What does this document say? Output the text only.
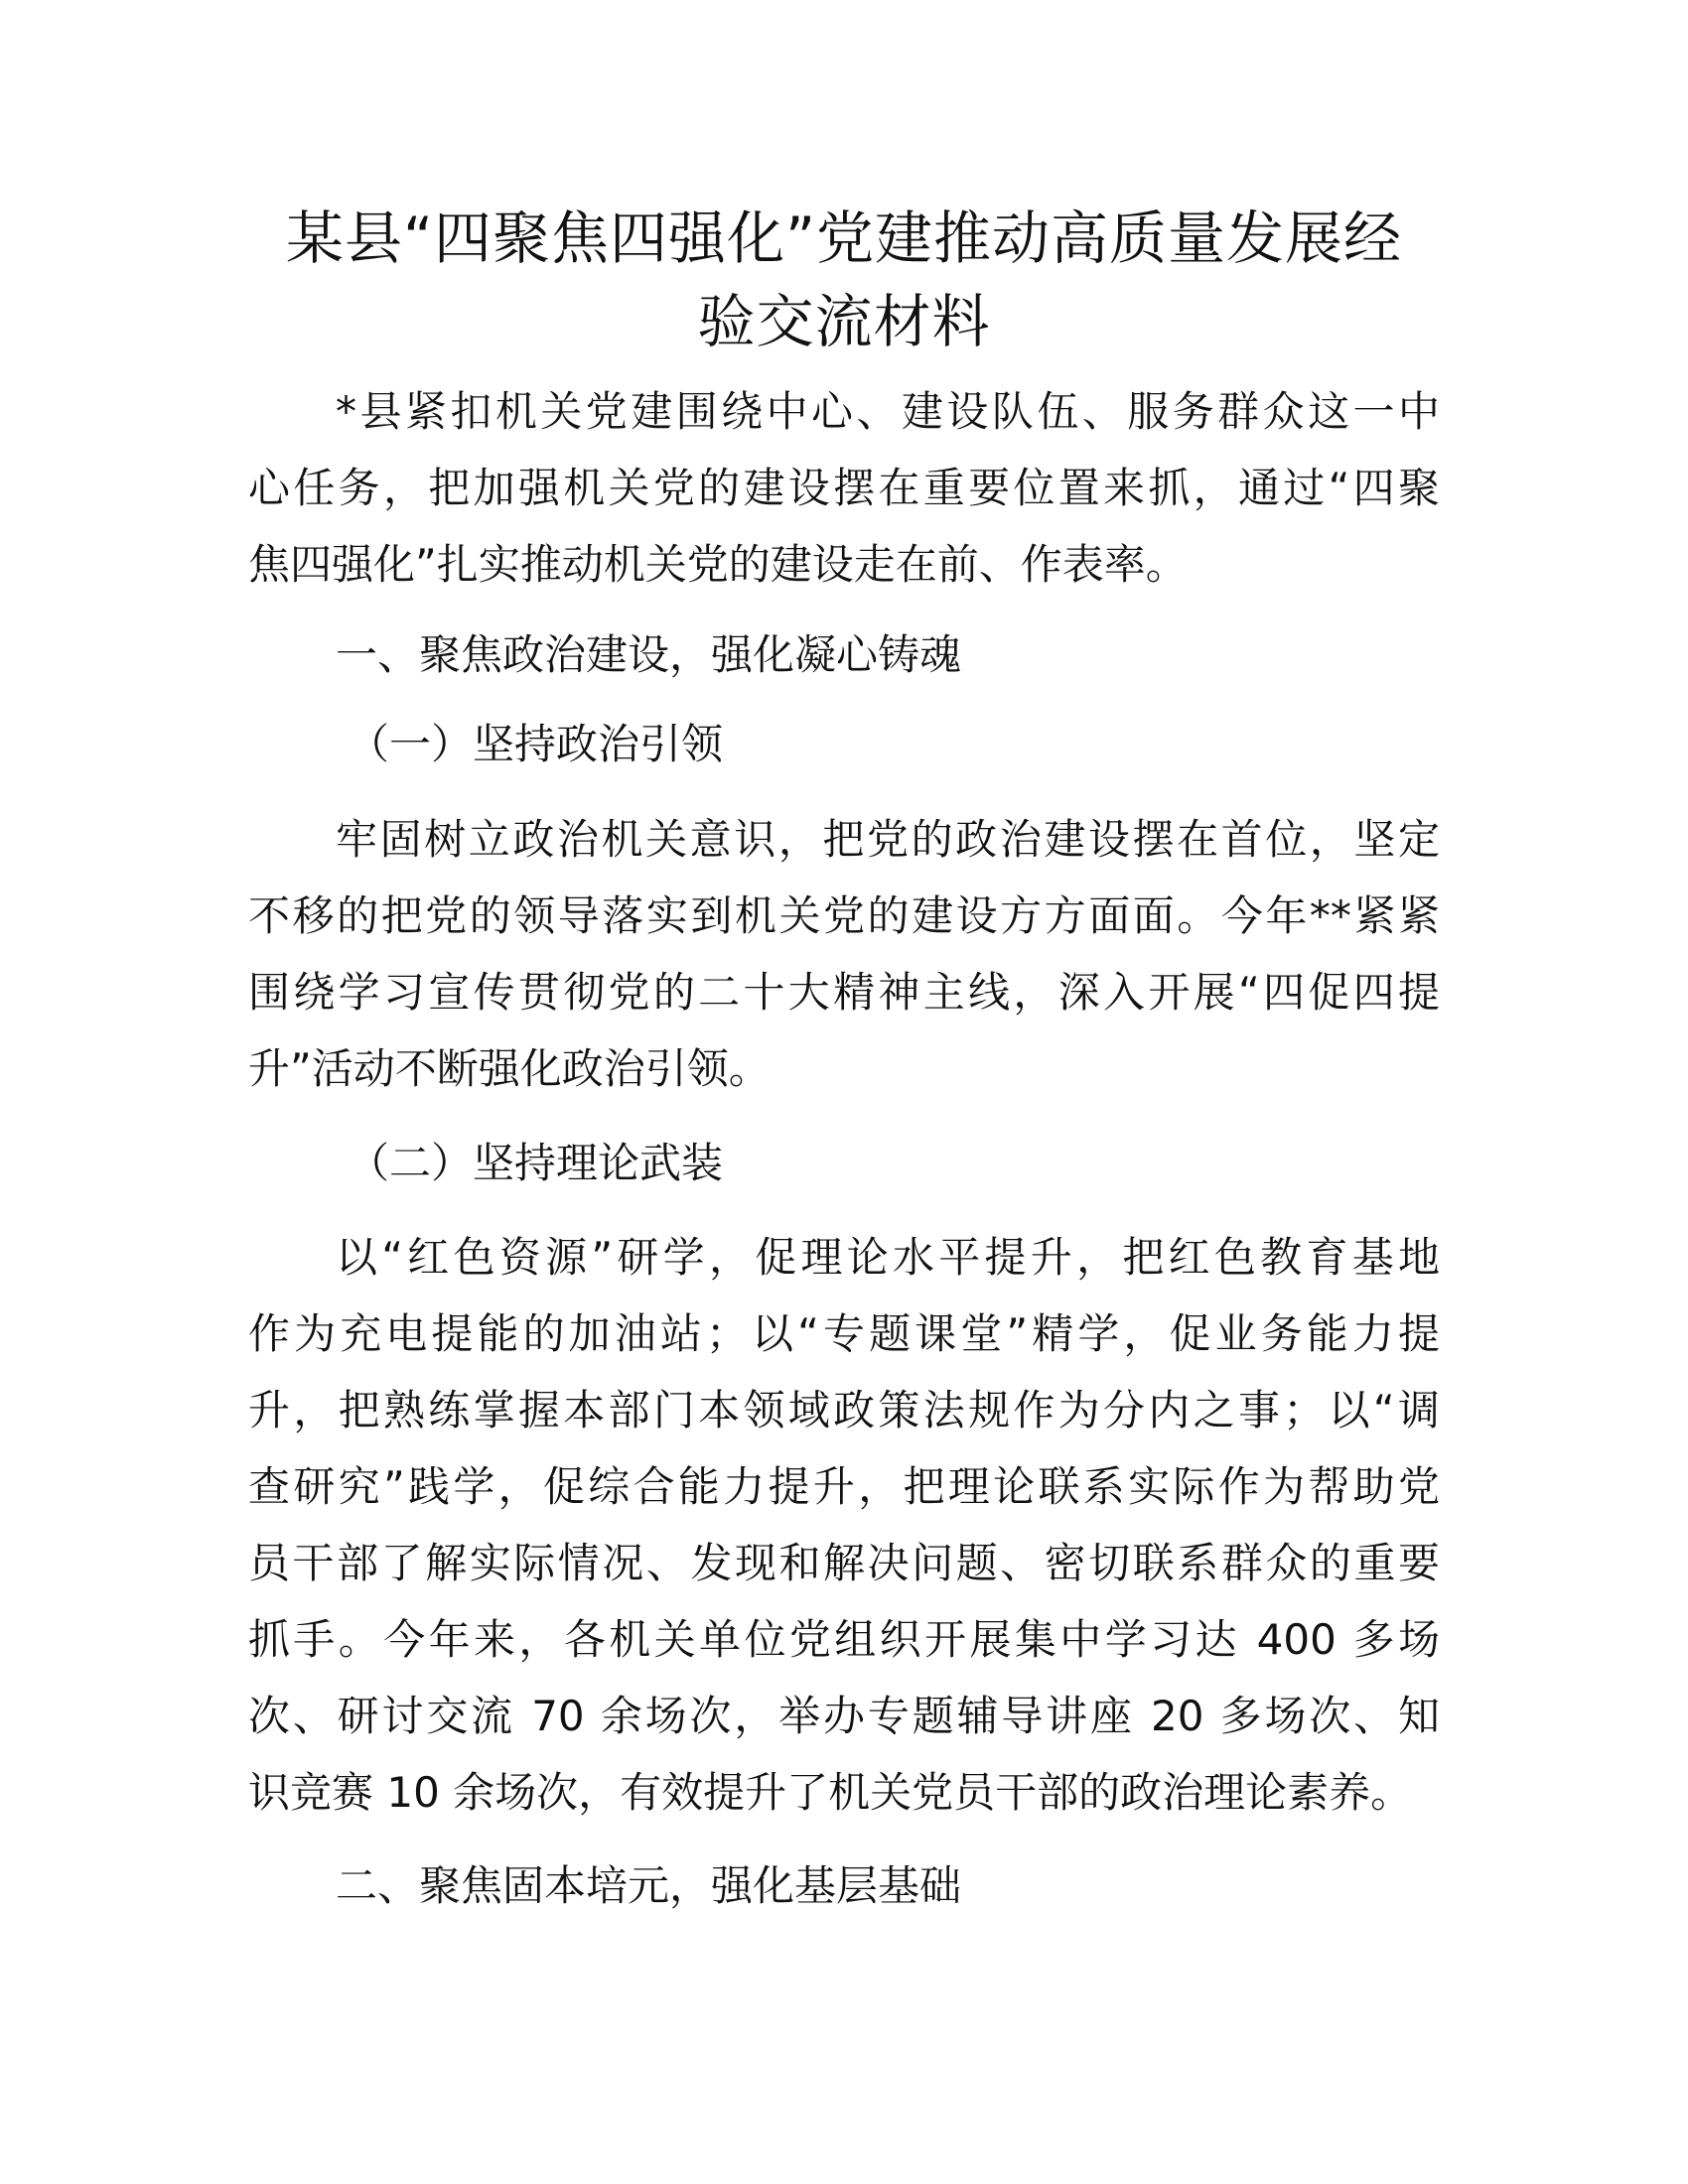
某县“四聚焦四强化”党建推动高质量发展经
验交流材料
*县紧扣机关党建围绕中心、建设队伍、服务群众这一中
心任务，把加强机关党的建设摆在重要位置来抓，通过“四聚
焦四强化”扎实推动机关党的建设走在前、作表率。
一、聚焦政治建设，强化凝心铸魂
（一）坚持政治引领
牢固树立政治机关意识，把党的政治建设摆在首位，坚定
不移的把党的领导落实到机关党的建设方方面面。今年**紧紧
围绕学习宣传贯彻党的二十大精神主线，深入开展“四促四提
升”活动不断强化政治引领。
（二）坚持理论武装
以“红色资源”研学，促理论水平提升，把红色教育基地
作为充电提能的加油站；以“专题课堂”精学，促业务能力提
升，把熟练掌握本部门本领域政策法规作为分内之事；以“调
查研究”践学，促综合能力提升，把理论联系实际作为帮助党
员干部了解实际情况、发现和解决问题、密切联系群众的重要
抓手。今年来，各机关单位党组织开展集中学习达 400 多场
次、研讨交流 70 余场次，举办专题辅导讲座 20 多场次、知
识竞赛 10 余场次，有效提升了机关党员干部的政治理论素养。
二、聚焦固本培元，强化基层基础
